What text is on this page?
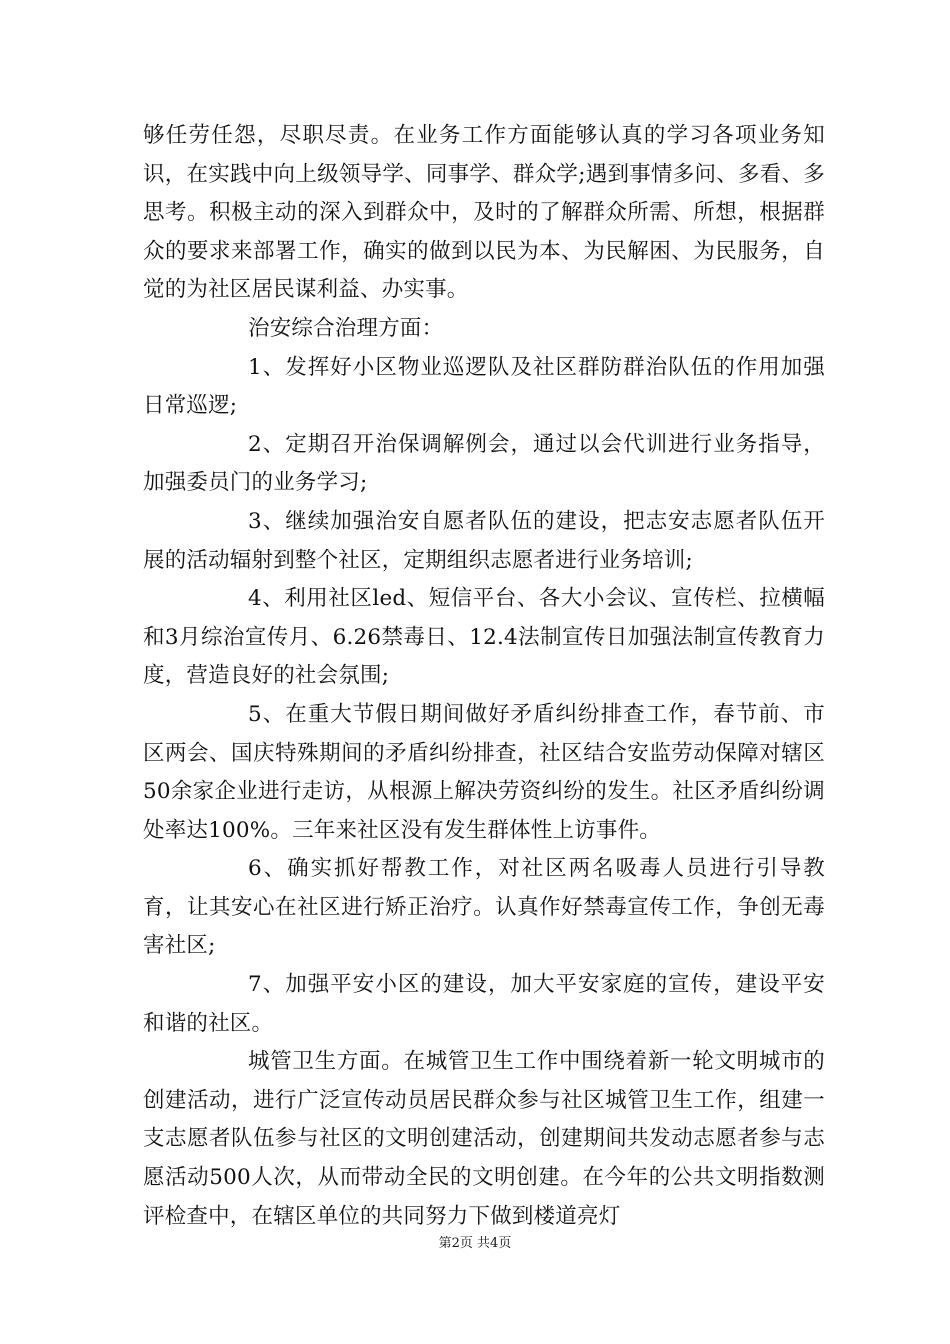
够任劳任怨，尽职尽责。在业务工作方面能够认真的学习各项业务知识，在实践中向上级领导学、同事学、群众学;遇到事情多问、多看、多思考。积极主动的深入到群众中，及时的了解群众所需、所想，根据群众的要求来部署工作，确实的做到以民为本、为民解困、为民服务，自觉的为社区居民谋利益、办实事。

治安综合治理方面：

1、发挥好小区物业巡逻队及社区群防群治队伍的作用加强日常巡逻;

2、定期召开治保调解例会，通过以会代训进行业务指导，加强委员门的业务学习;

3、继续加强治安自愿者队伍的建设，把志安志愿者队伍开展的活动辐射到整个社区，定期组织志愿者进行业务培训;

4、利用社区led、短信平台、各大小会议、宣传栏、拉横幅和3月综治宣传月、6.26禁毒日、12.4法制宣传日加强法制宣传教育力度，营造良好的社会氛围;

5、在重大节假日期间做好矛盾纠纷排查工作，春节前、市区两会、国庆特殊期间的矛盾纠纷排查，社区结合安监劳动保障对辖区50余家企业进行走访，从根源上解决劳资纠纷的发生。社区矛盾纠纷调处率达100%。三年来社区没有发生群体性上访事件。

6、确实抓好帮教工作，对社区两名吸毒人员进行引导教育，让其安心在社区进行矫正治疗。认真作好禁毒宣传工作，争创无毒害社区;

7、加强平安小区的建设，加大平安家庭的宣传，建设平安和谐的社区。

城管卫生方面。在城管卫生工作中围绕着新一轮文明城市的创建活动，进行广泛宣传动员居民群众参与社区城管卫生工作，组建一支志愿者队伍参与社区的文明创建活动，创建期间共发动志愿者参与志愿活动500人次，从而带动全民的文明创建。在今年的公共文明指数测评检查中，在辖区单位的共同努力下做到楼道亮灯

第2页 共4页
